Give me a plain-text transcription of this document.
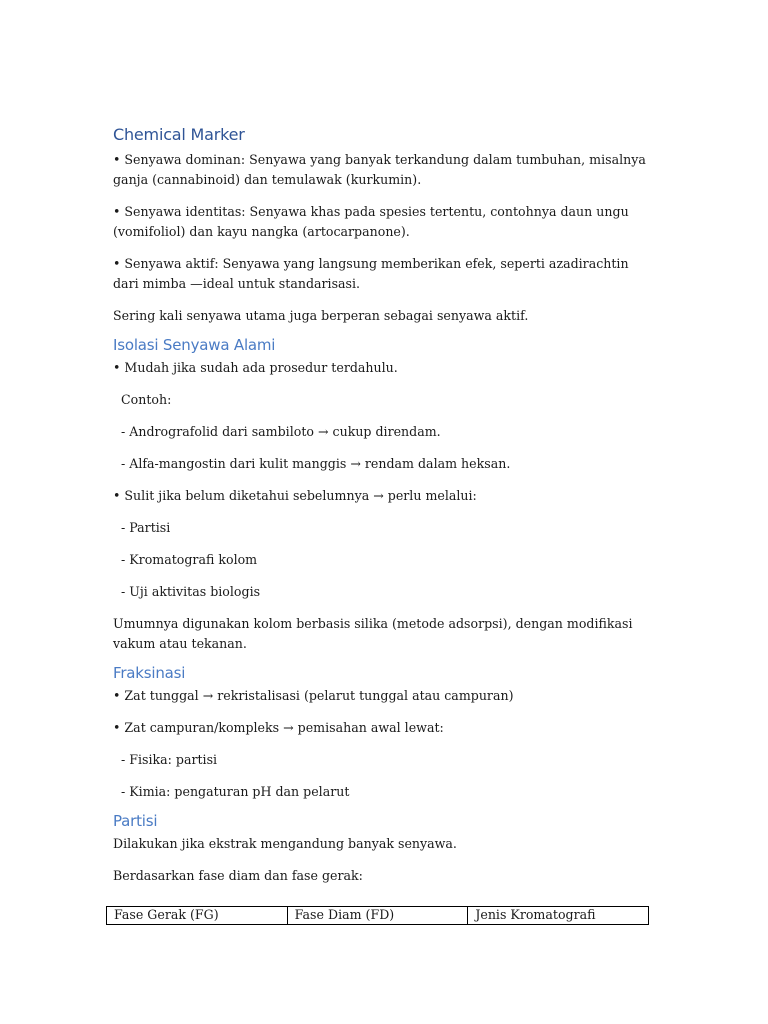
Chemical Marker

• Senyawa dominan: Senyawa yang banyak terkandung dalam tumbuhan, misalnya ganja (cannabinoid) dan temulawak (kurkumin).

• Senyawa identitas: Senyawa khas pada spesies tertentu, contohnya daun ungu (vomifoliol) dan kayu nangka (artocarpanone).

• Senyawa aktif: Senyawa yang langsung memberikan efek, seperti azadirachtin dari mimba —ideal untuk standarisasi.

Sering kali senyawa utama juga berperan sebagai senyawa aktif.

Isolasi Senyawa Alami

• Mudah jika sudah ada prosedur terdahulu.

Contoh:

- Andrografolid dari sambiloto → cukup direndam.

- Alfa-mangostin dari kulit manggis → rendam dalam heksan.

• Sulit jika belum diketahui sebelumnya → perlu melalui:

- Partisi

- Kromatografi kolom

- Uji aktivitas biologis

Umumnya digunakan kolom berbasis silika (metode adsorpsi), dengan modifikasi vakum atau tekanan.

Fraksinasi

• Zat tunggal → rekristalisasi (pelarut tunggal atau campuran)

• Zat campuran/kompleks → pemisahan awal lewat:

- Fisika: partisi

- Kimia: pengaturan pH dan pelarut

Partisi

Dilakukan jika ekstrak mengandung banyak senyawa.

Berdasarkan fase diam dan fase gerak:

Fase Gerak (FG)	Fase Diam (FD)	Jenis Kromatografi
